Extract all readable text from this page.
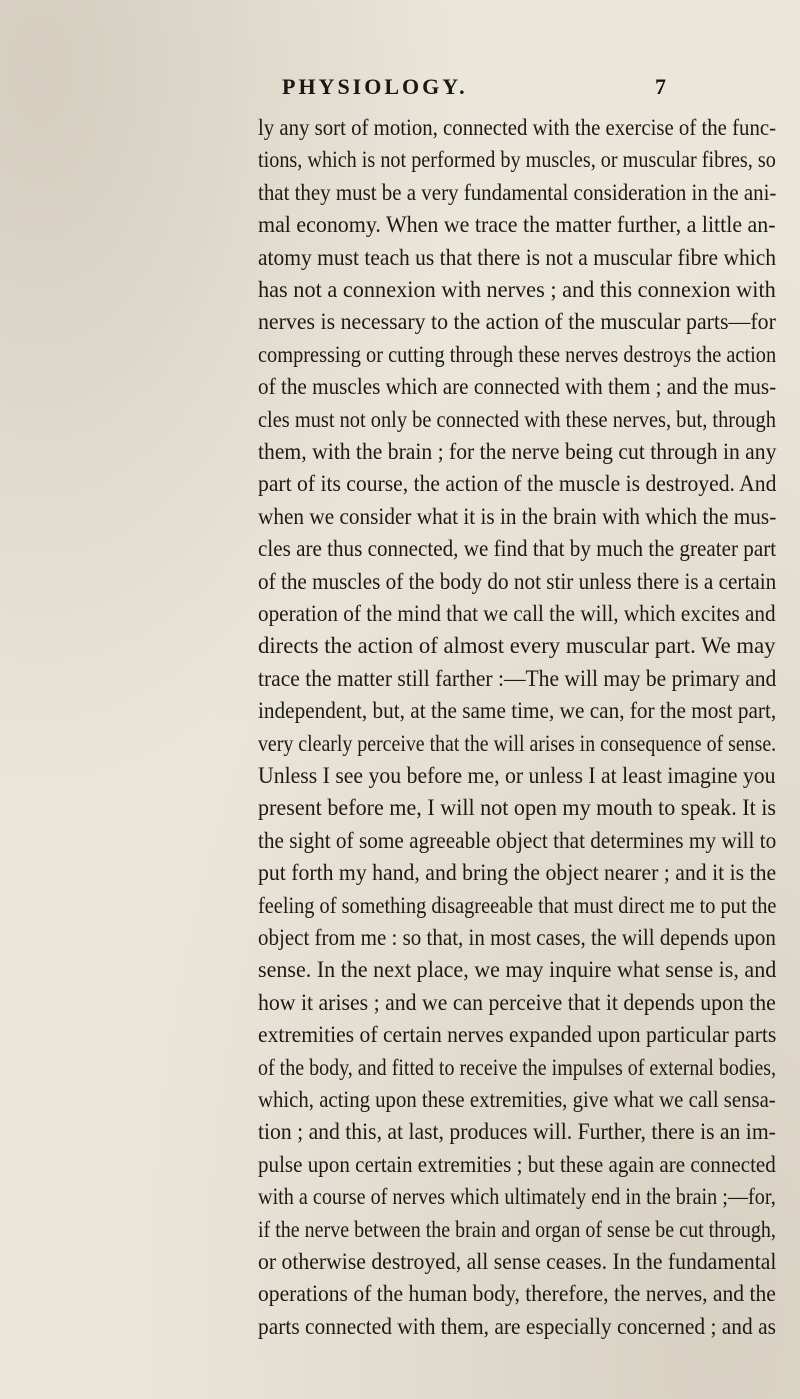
PHYSIOLOGY.	7
ly any sort of motion, connected with the exercise of the func-
tions, which is not performed by muscles, or muscular fibres, so
that they must be a very fundamental consideration in the ani-
mal economy. When we trace the matter further, a little an-
atomy must teach us that there is not a muscular fibre which
has not a connexion with nerves ; and this connexion with
nerves is necessary to the action of the muscular parts—for
compressing or cutting through these nerves destroys the action
of the muscles which are connected with them ; and the mus-
cles must not only be connected with these nerves, but, through
them, with the brain ; for the nerve being cut through in any
part of its course, the action of the muscle is destroyed. And
when we consider what it is in the brain with which the mus-
cles are thus connected, we find that by much the greater part
of the muscles of the body do not stir unless there is a certain
operation of the mind that we call the will, which excites and
directs the action of almost every muscular part. We may
trace the matter still farther :—The will may be primary and
independent, but, at the same time, we can, for the most part,
very clearly perceive that the will arises in consequence of sense.
Unless I see you before me, or unless I at least imagine you
present before me, I will not open my mouth to speak. It is
the sight of some agreeable object that determines my will to
put forth my hand, and bring the object nearer ; and it is the
feeling of something disagreeable that must direct me to put the
object from me : so that, in most cases, the will depends upon
sense. In the next place, we may inquire what sense is, and
how it arises ; and we can perceive that it depends upon the
extremities of certain nerves expanded upon particular parts
of the body, and fitted to receive the impulses of external bodies,
which, acting upon these extremities, give what we call sensa-
tion ; and this, at last, produces will. Further, there is an im-
pulse upon certain extremities ; but these again are connected
with a course of nerves which ultimately end in the brain ;—for,
if the nerve between the brain and organ of sense be cut through,
or otherwise destroyed, all sense ceases. In the fundamental
operations of the human body, therefore, the nerves, and the
parts connected with them, are especially concerned ; and as
